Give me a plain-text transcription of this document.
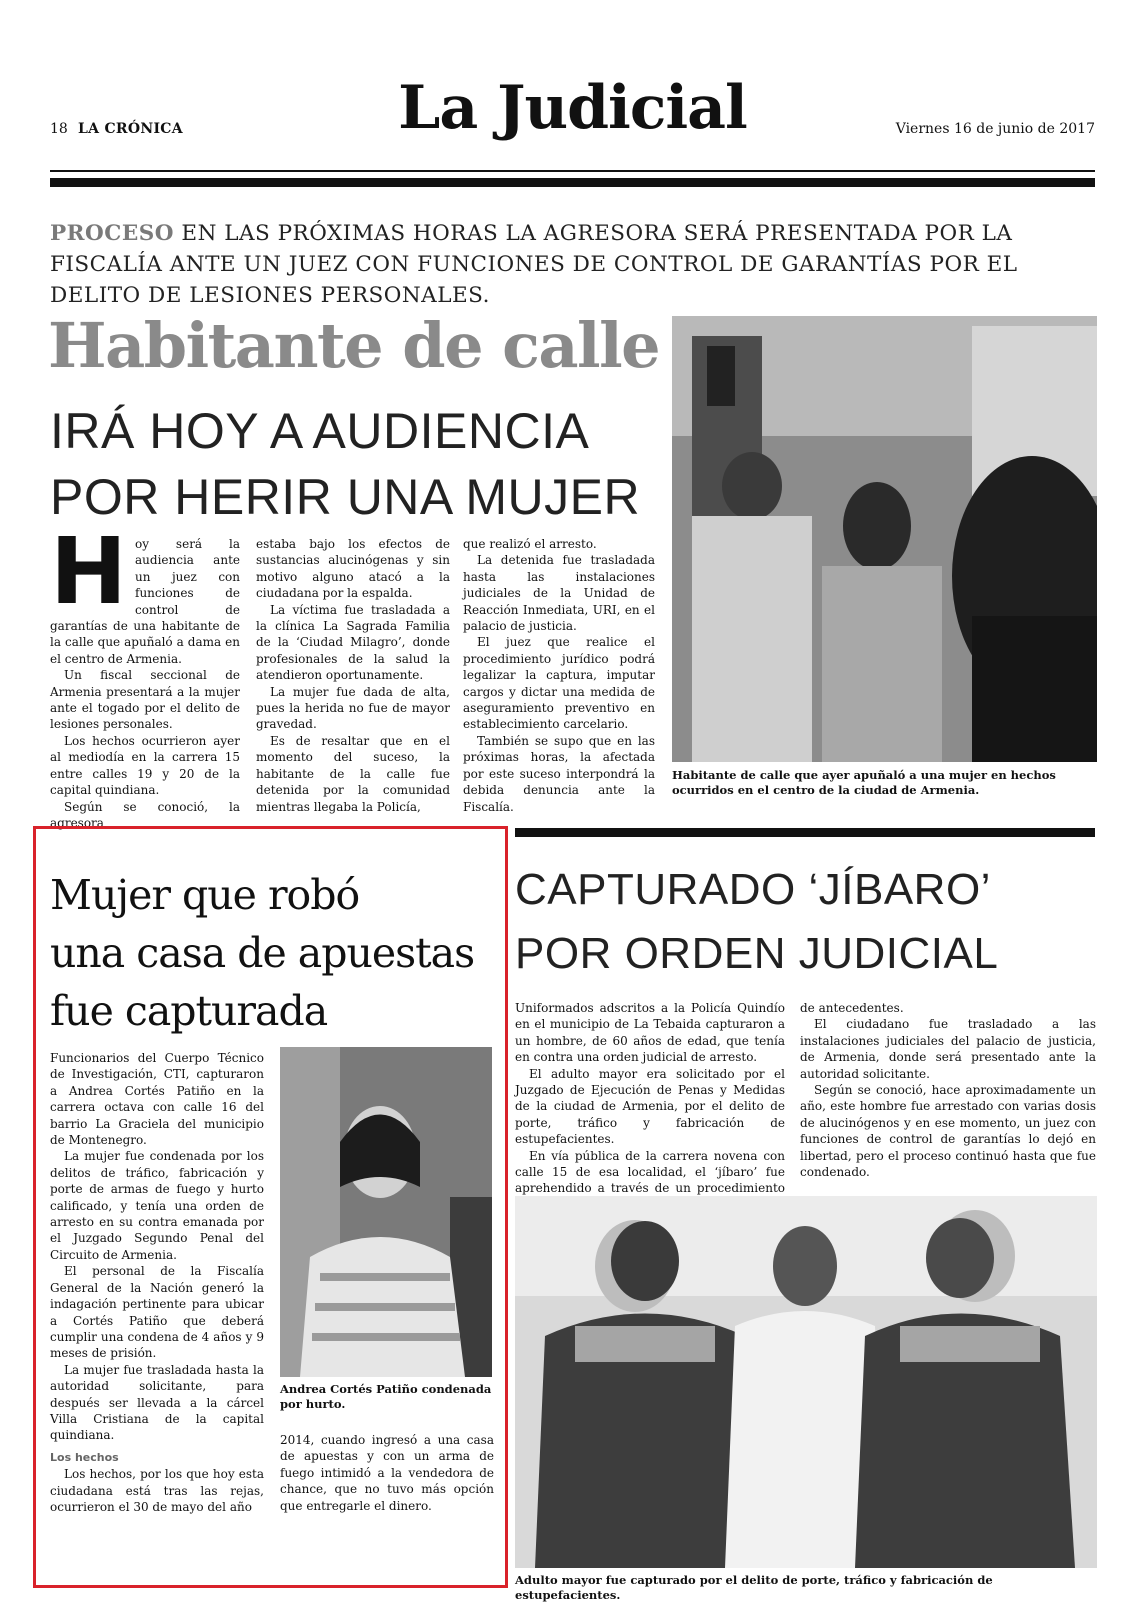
18 LA CRÓNICA	La Judicial	Viernes 16 de junio de 2017
PROCESO EN LAS PRÓXIMAS HORAS LA AGRESORA SERÁ PRESENTADA POR LA FISCALÍA ANTE UN JUEZ CON FUNCIONES DE CONTROL DE GARANTÍAS POR EL DELITO DE LESIONES PERSONALES.
Habitante de calle
IRÁ HOY A AUDIENCIA
POR HERIR UNA MUJER
H oy será la audiencia ante un juez con funciones de control de garantías de una habitante de la calle que apuñaló a dama en el centro de Armenia.

Un fiscal seccional de Armenia presentará a la mujer ante el togado por el delito de lesiones personales.

Los hechos ocurrieron ayer al mediodía en la carrera 15 entre calles 19 y 20 de la capital quindiana.

Según se conoció, la agresora

estaba bajo los efectos de sustancias alucinógenas y sin motivo alguno atacó a la ciudadana por la espalda.

La víctima fue trasladada a la clínica La Sagrada Familia de la ‘Ciudad Milagro’, donde profesionales de la salud la atendieron oportunamente.

La mujer fue dada de alta, pues la herida no fue de mayor gravedad.

Es de resaltar que en el momento del suceso, la habitante de la calle fue detenida por la comunidad mientras llegaba la Policía,

que realizó el arresto.

La detenida fue trasladada hasta las instalaciones judiciales de la Unidad de Reacción Inmediata, URI, en el palacio de justicia.

El juez que realice el procedimiento jurídico podrá legalizar la captura, imputar cargos y dictar una medida de aseguramiento preventivo en establecimiento carcelario.

También se supo que en las próximas horas, la afectada por este suceso interpondrá la debida denuncia ante la Fiscalía.

Habitante de calle que ayer apuñaló a una mujer en hechos ocurridos en el centro de la ciudad de Armenia.
Mujer que robó
una casa de apuestas
fue capturada

Funcionarios del Cuerpo Técnico de Investigación, CTI, capturaron a Andrea Cortés Patiño en la carrera octava con calle 16 del barrio La Graciela del municipio de Montenegro.

La mujer fue condenada por los delitos de tráfico, fabricación y porte de armas de fuego y hurto calificado, y tenía una orden de arresto en su contra emanada por el Juzgado Segundo Penal del Circuito de Armenia.

El personal de la Fiscalía General de la Nación generó la indagación pertinente para ubicar a Cortés Patiño que deberá cumplir una condena de 4 años y 9 meses de prisión.

La mujer fue trasladada hasta la autoridad solicitante, para después ser llevada a la cárcel Villa Cristiana de la capital quindiana.

Los hechos

Los hechos, por los que hoy esta ciudadana está tras las rejas, ocurrieron el 30 de mayo del año

Andrea Cortés Patiño condenada por hurto.

2014, cuando ingresó a una casa de apuestas y con un arma de fuego intimidó a la vendedora de chance, que no tuvo más opción que entregarle el dinero.

CAPTURADO ‘JÍBARO’
POR ORDEN JUDICIAL

Uniformados adscritos a la Policía Quindío en el municipio de La Tebaida capturaron a un hombre, de 60 años de edad, que tenía en contra una orden judicial de arresto.

El adulto mayor era solicitado por el Juzgado de Ejecución de Penas y Medidas de la ciudad de Armenia, por el delito de porte, tráfico y fabricación de estupefacientes.

En vía pública de la carrera novena con calle 15 de esa localidad, el ‘jíbaro’ fue aprehendido a través de un procedimiento

de antecedentes.

El ciudadano fue trasladado a las instalaciones judiciales del palacio de justicia, de Armenia, donde será presentado ante la autoridad solicitante.

Según se conoció, hace aproximadamente un año, este hombre fue arrestado con varias dosis de alucinógenos y en ese momento, un juez con funciones de control de garantías lo dejó en libertad, pero el proceso continuó hasta que fue condenado.

Adulto mayor fue capturado por el delito de porte, tráfico y fabricación de estupefacientes.
